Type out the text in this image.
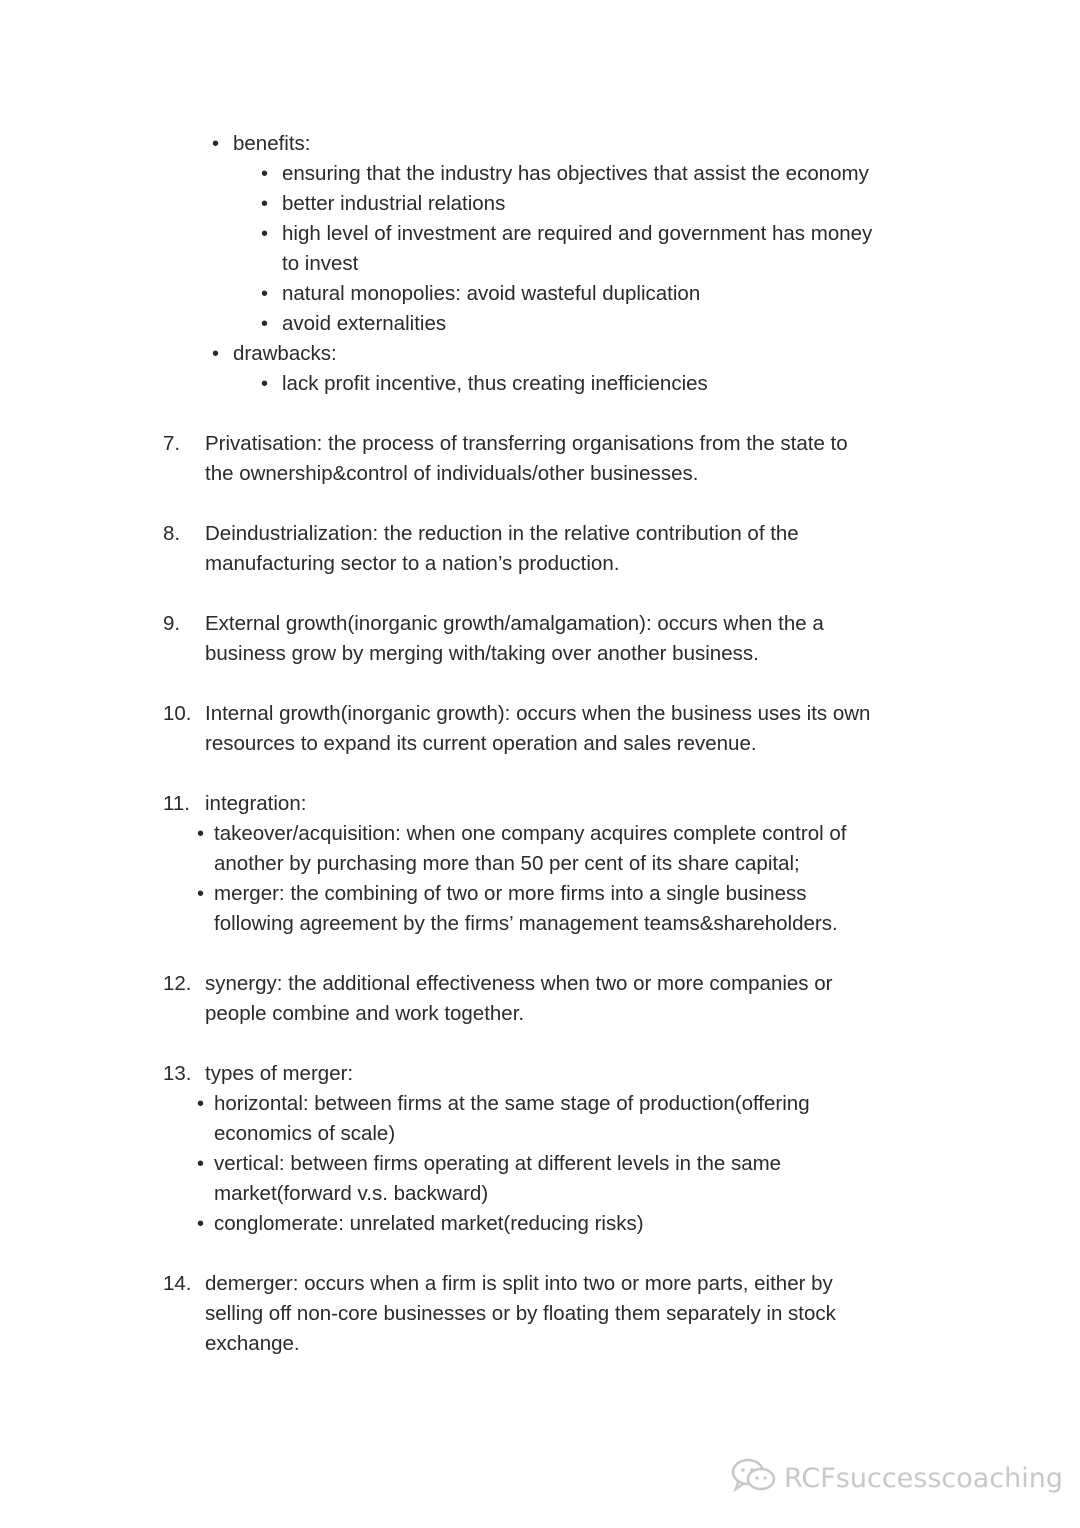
• benefits:
• ensuring that the industry has objectives that assist the economy
• better industrial relations
• high level of investment are required and government has money
to invest
• natural monopolies: avoid wasteful duplication
• avoid externalities
• drawbacks:
• lack profit incentive, thus creating inefficiencies
7. Privatisation: the process of transferring organisations from the state to
the ownership&control of individuals/other businesses.
8. Deindustrialization: the reduction in the relative contribution of the
manufacturing sector to a nation’s production.
9. External growth(inorganic growth/amalgamation): occurs when the a
business grow by merging with/taking over another business.
10. Internal growth(inorganic growth): occurs when the business uses its own
resources to expand its current operation and sales revenue.
11. integration:
• takeover/acquisition: when one company acquires complete control of
another by purchasing more than 50 per cent of its share capital;
• merger: the combining of two or more firms into a single business
following agreement by the firms’ management teams&shareholders.
12. synergy: the additional effectiveness when two or more companies or
people combine and work together.
13. types of merger:
• horizontal: between firms at the same stage of production(offering
economics of scale)
• vertical: between firms operating at different levels in the same
market(forward v.s. backward)
• conglomerate: unrelated market(reducing risks)
14. demerger: occurs when a firm is split into two or more parts, either by
selling off non-core businesses or by floating them separately in stock
exchange.
RCFsuccesscoaching
